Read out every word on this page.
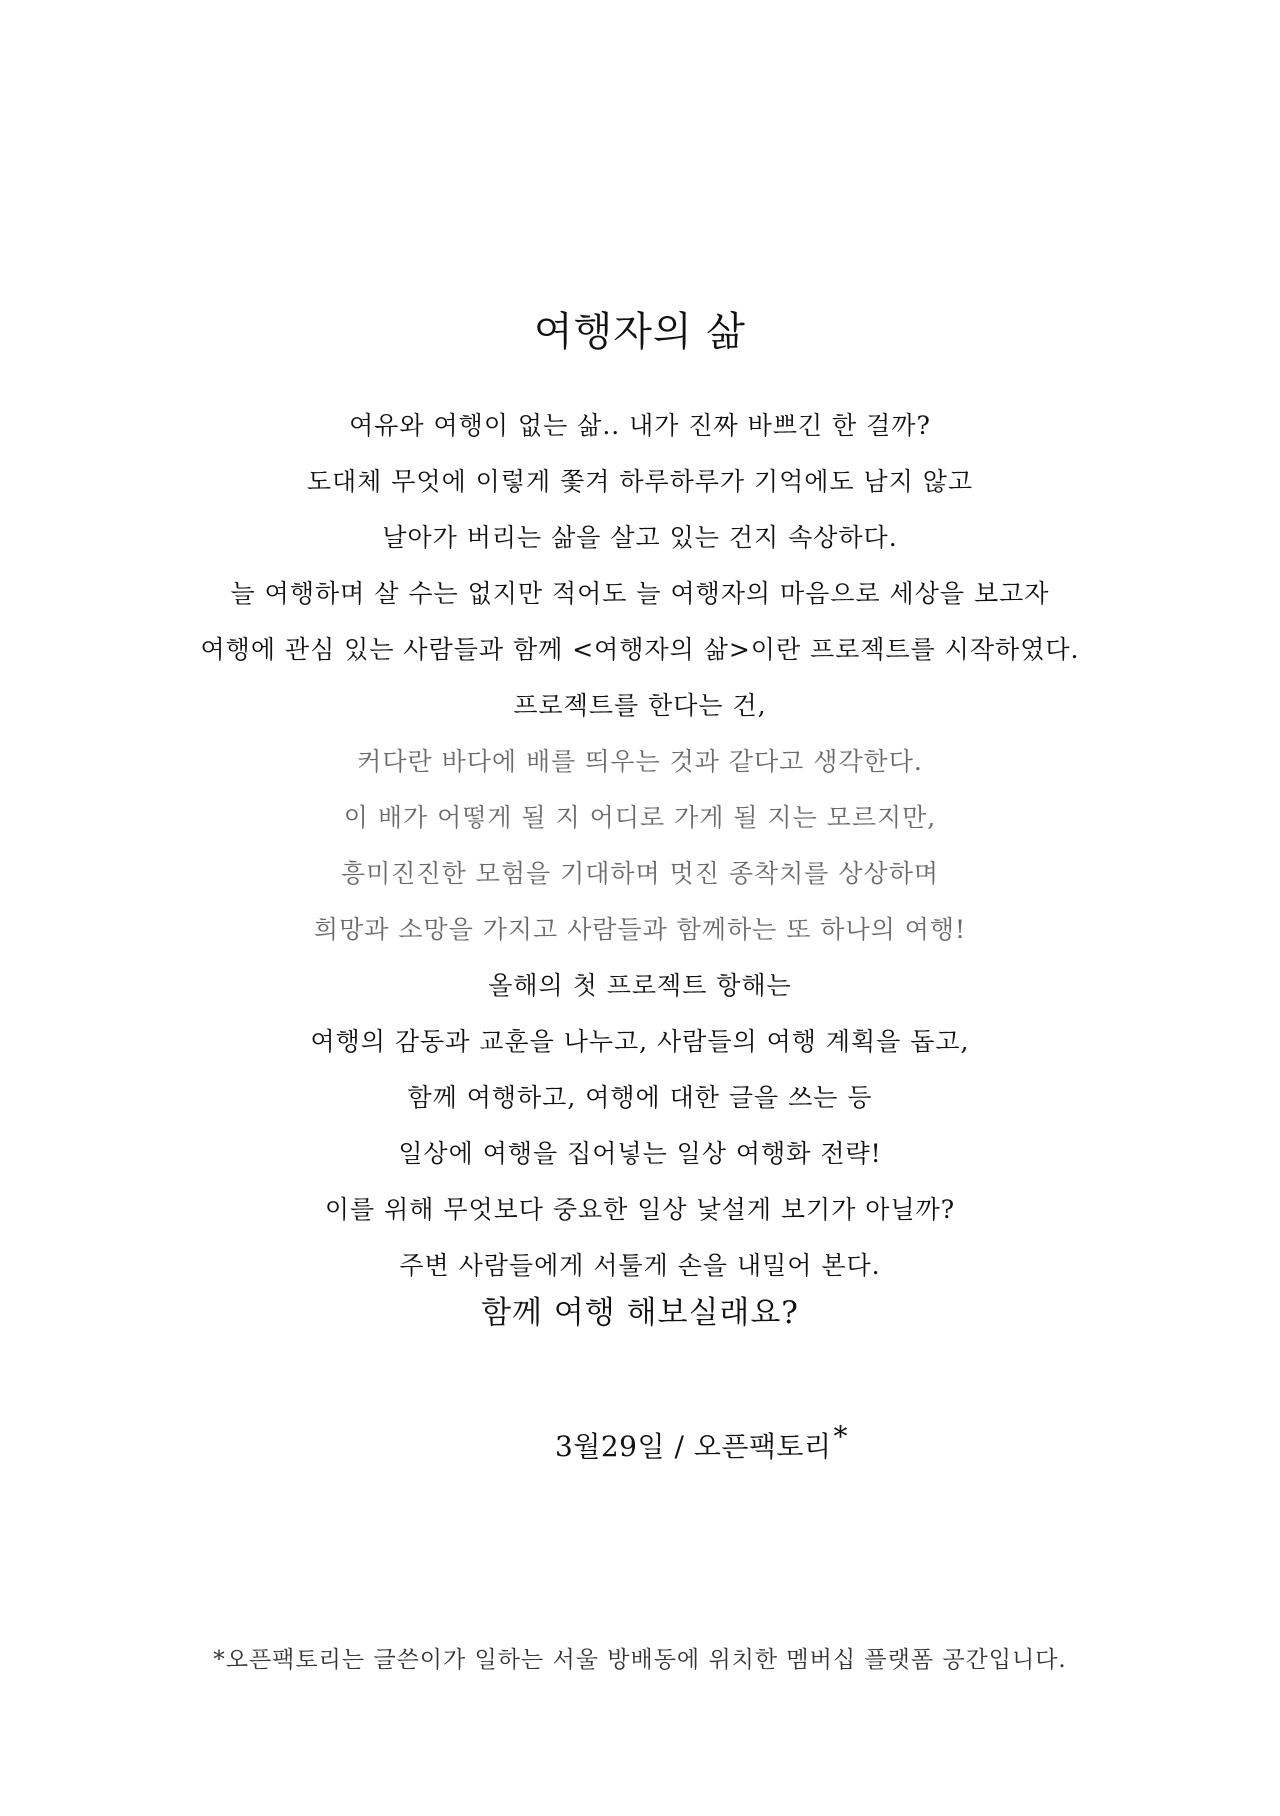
여행자의 삶
여유와 여행이 없는 삶.. 내가 진짜 바쁘긴 한 걸까?
도대체 무엇에 이렇게 쫓겨 하루하루가 기억에도 남지 않고
날아가 버리는 삶을 살고 있는 건지 속상하다.
늘 여행하며 살 수는 없지만 적어도 늘 여행자의 마음으로 세상을 보고자
여행에 관심 있는 사람들과 함께 <여행자의 삶>이란 프로젝트를 시작하였다.
프로젝트를 한다는 건,
커다란 바다에 배를 띄우는 것과 같다고 생각한다.
이 배가 어떻게 될 지 어디로 가게 될 지는 모르지만,
흥미진진한 모험을 기대하며 멋진 종착치를 상상하며
희망과 소망을 가지고 사람들과 함께하는 또 하나의 여행!
올해의 첫 프로젝트 항해는
여행의 감동과 교훈을 나누고, 사람들의 여행 계획을 돕고,
함께 여행하고, 여행에 대한 글을 쓰는 등
일상에 여행을 집어넣는 일상 여행화 전략!
이를 위해 무엇보다 중요한 일상 낯설게 보기가 아닐까?
주변 사람들에게 서툴게 손을 내밀어 본다.
함께 여행 해보실래요?
3월29일 / 오픈팩토리*
*오픈팩토리는 글쓴이가 일하는 서울 방배동에 위치한 멤버십 플랫폼 공간입니다.
